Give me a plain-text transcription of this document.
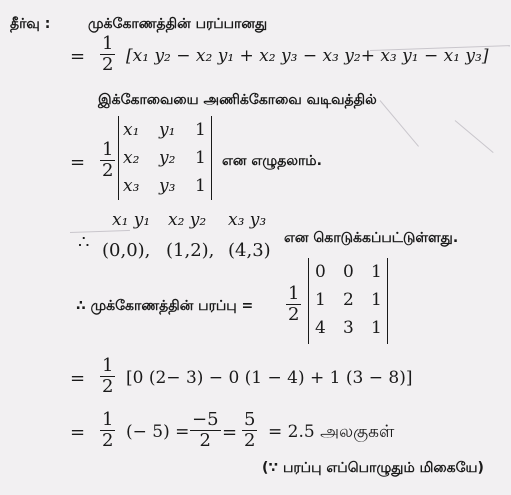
தீர்வு :	முக்கோணத்தின் பரப்பானது
= $\frac{1}{2} [x_1$ y₂ − x₂ y₁ + x₂ y₃ − x₃ y₂+ x₃ y₁ − x₁ y₃]
இக்கோவையை அணிக்கோவை வடிவத்தில்
= $\frac{1}{2}$
x₁ y₁ 1
x₂ y₂ 1
x₃ y₃ 1
என எழுதலாம்.
x₁ y₁ x₂ y₂ x₃ y₃
∴ (0,0), (1,2), (4,3)
என கொடுக்கப்பட்டுள்ளது.
∴ முக்கோணத்தின் பரப்பு = $\frac{1}{2}$
0 0 1
1 2 1
4 3 1
= $\frac{1}{2} [0$ (2− 3) − 0 (1 − 4) + 1 (3 − 8)]
= $\frac{1}{2}$ (− $5) = \frac{-5}{2} = \frac{5}{2} = 2.5$ அலகுகள்
(∵ பரப்பு எப்பொழுதும் மிகையே)
